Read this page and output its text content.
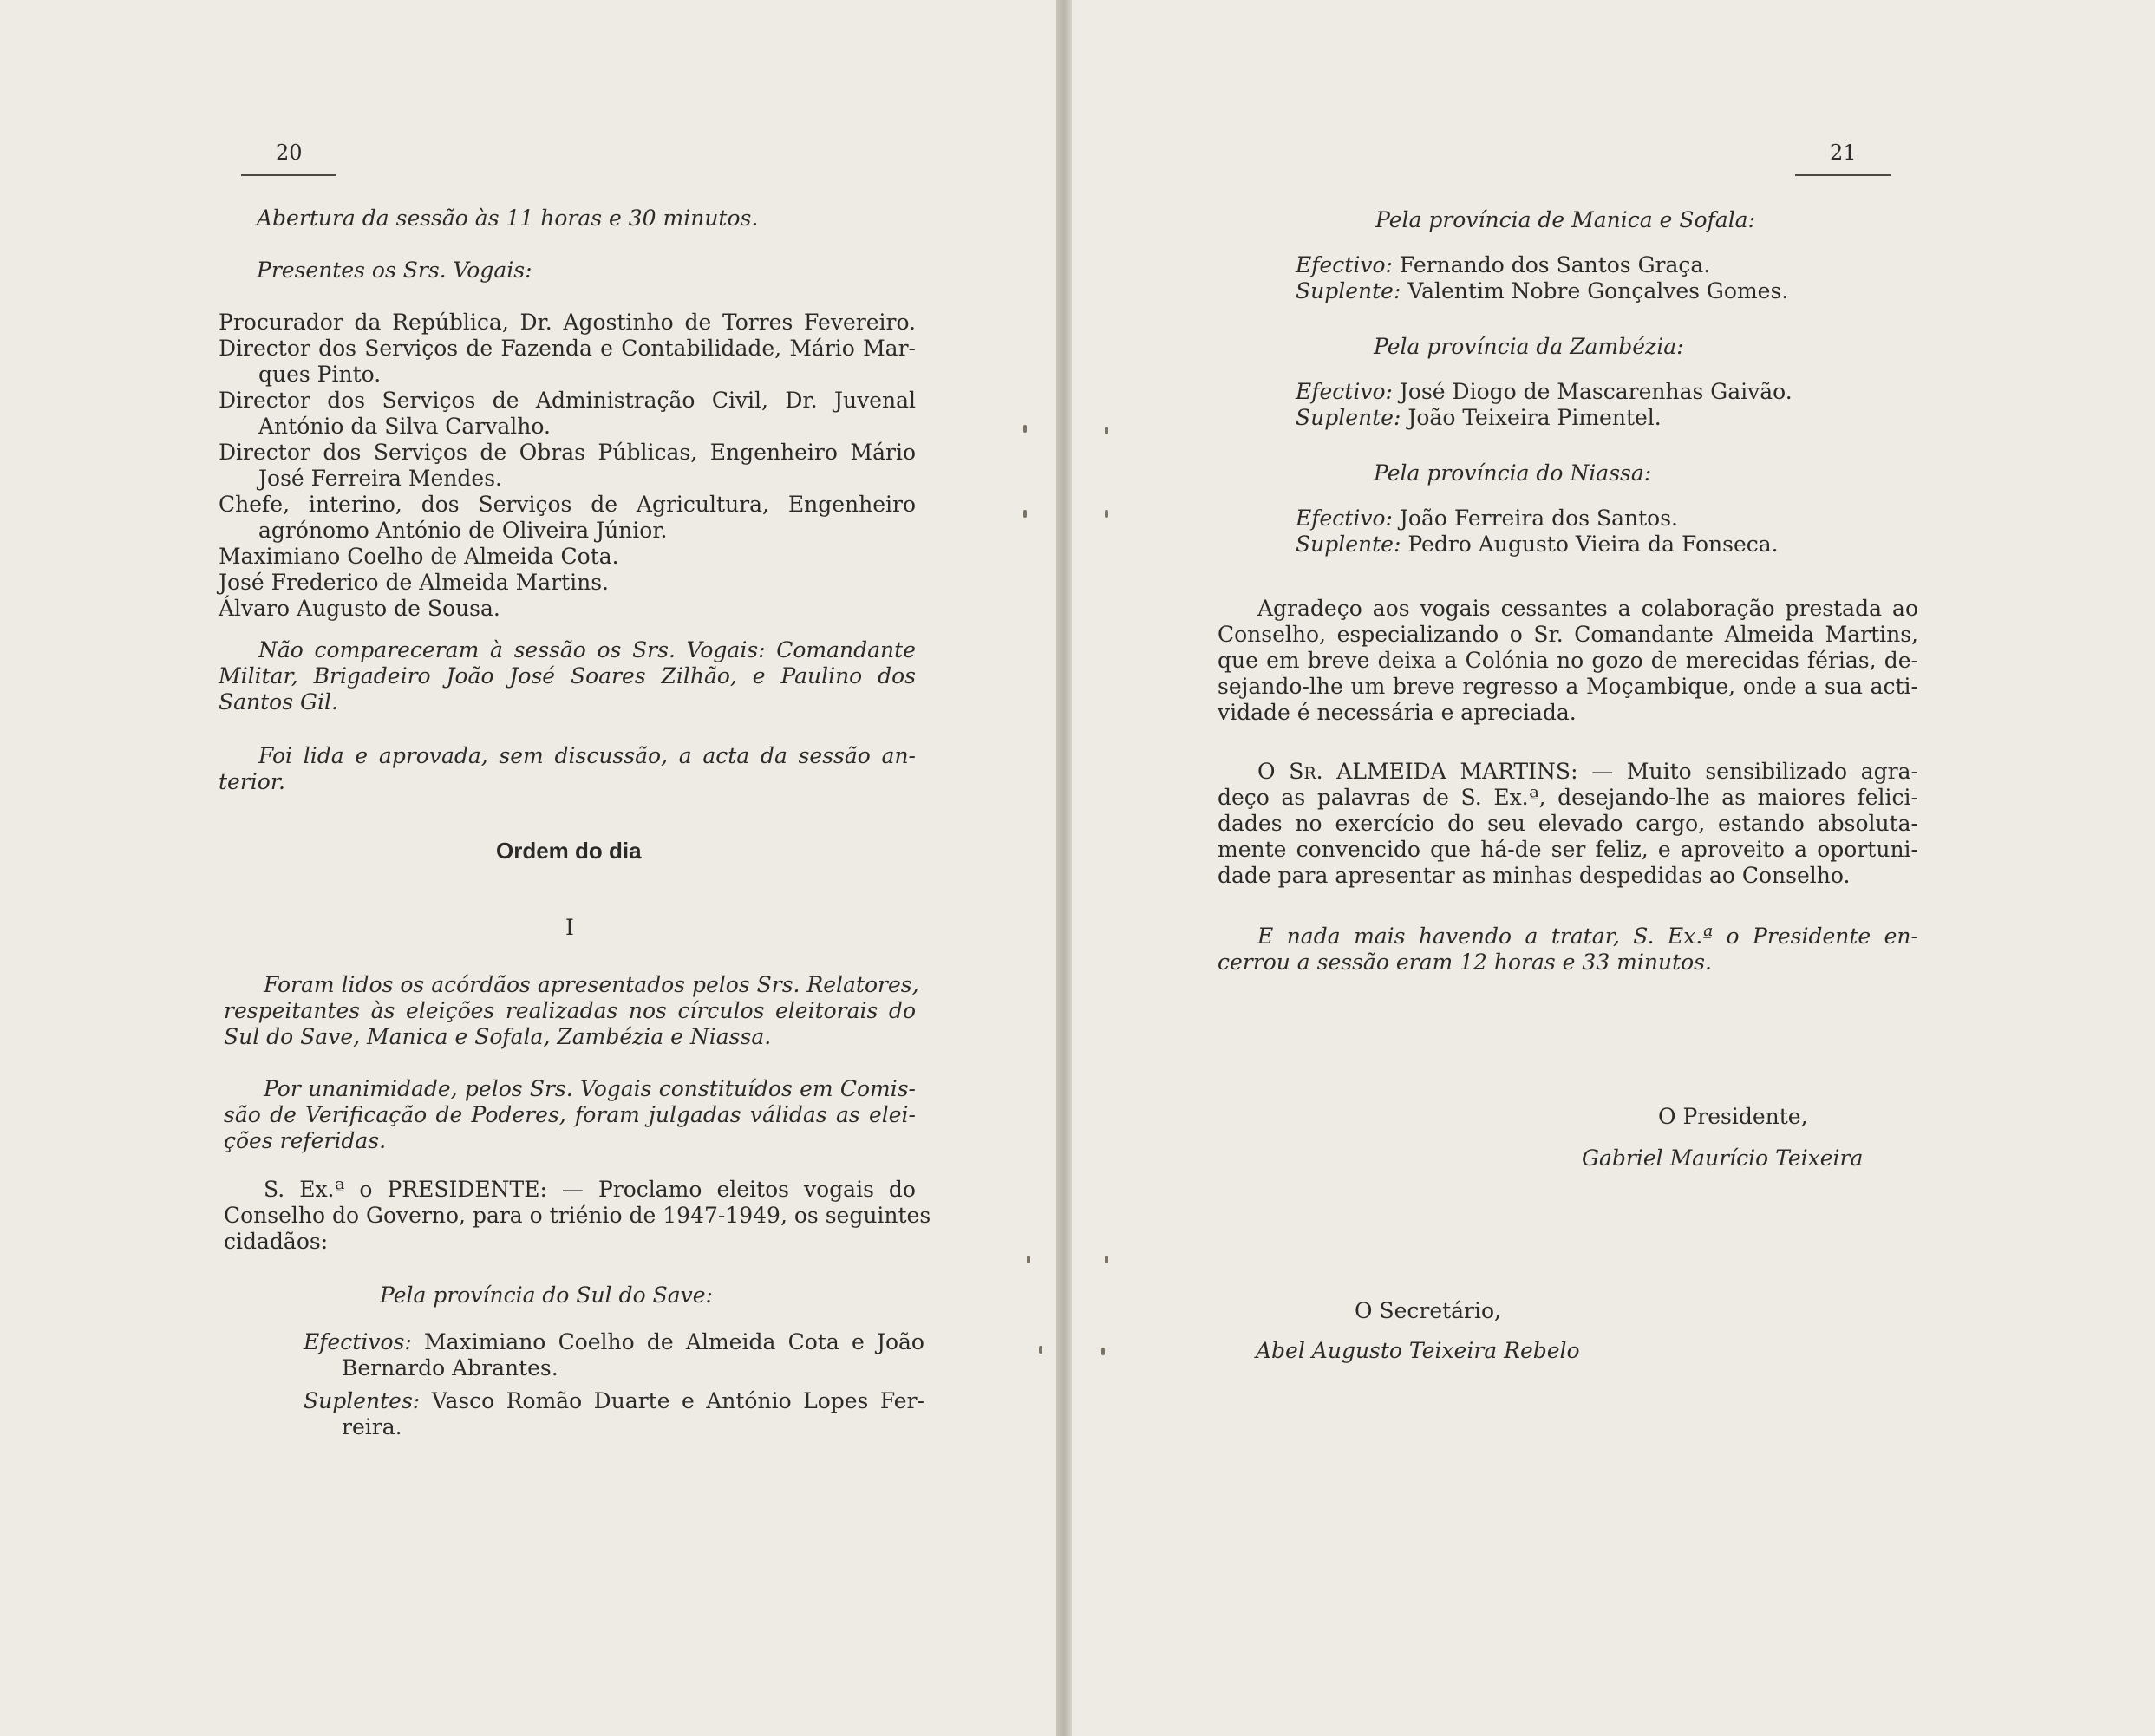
20
Abertura da sessão às 11 horas e 30 minutos.
Presentes os Srs. Vogais:
Procurador da República, Dr. Agostinho de Torres Fevereiro.
Director dos Serviços de Fazenda e Contabilidade, Mário Mar-
ques Pinto.
Director dos Serviços de Administração Civil, Dr. Juvenal
António da Silva Carvalho.
Director dos Serviços de Obras Públicas, Engenheiro Mário
José Ferreira Mendes.
Chefe, interino, dos Serviços de Agricultura, Engenheiro
agrónomo António de Oliveira Júnior.
Maximiano Coelho de Almeida Cota.
José Frederico de Almeida Martins.
Álvaro Augusto de Sousa.
Não compareceram à sessão os Srs. Vogais: Comandante
Militar, Brigadeiro João José Soares Zilhão, e Paulino dos
Santos Gil.
Foi lida e aprovada, sem discussão, a acta da sessão an-
terior.
Ordem do dia
I
Foram lidos os acórdãos apresentados pelos Srs. Relatores,
respeitantes às eleições realizadas nos círculos eleitorais do
Sul do Save, Manica e Sofala, Zambézia e Niassa.
Por unanimidade, pelos Srs. Vogais constituídos em Comis-
são de Verificação de Poderes, foram julgadas válidas as elei-
ções referidas.
S. Ex.ª o PRESIDENTE: — Proclamo eleitos vogais do
Conselho do Governo, para o triénio de 1947-1949, os seguintes
cidadãos:
Pela província do Sul do Save:
Efectivos: Maximiano Coelho de Almeida Cota e João
Bernardo Abrantes.
Suplentes: Vasco Romão Duarte e António Lopes Fer-
reira.
21
Pela província de Manica e Sofala:
Efectivo: Fernando dos Santos Graça.
Suplente: Valentim Nobre Gonçalves Gomes.
Pela província da Zambézia:
Efectivo: José Diogo de Mascarenhas Gaivão.
Suplente: João Teixeira Pimentel.
Pela província do Niassa:
Efectivo: João Ferreira dos Santos.
Suplente: Pedro Augusto Vieira da Fonseca.
Agradeço aos vogais cessantes a colaboração prestada ao
Conselho, especializando o Sr. Comandante Almeida Martins,
que em breve deixa a Colónia no gozo de merecidas férias, de-
sejando-lhe um breve regresso a Moçambique, onde a sua acti-
vidade é necessária e apreciada.
O SR. ALMEIDA MARTINS: — Muito sensibilizado agra-
deço as palavras de S. Ex.ª, desejando-lhe as maiores felici-
dades no exercício do seu elevado cargo, estando absoluta-
mente convencido que há-de ser feliz, e aproveito a oportuni-
dade para apresentar as minhas despedidas ao Conselho.
E nada mais havendo a tratar, S. Ex.ª o Presidente en-
cerrou a sessão eram 12 horas e 33 minutos.
O Presidente,
Gabriel Maurício Teixeira
O Secretário,
Abel Augusto Teixeira Rebelo
